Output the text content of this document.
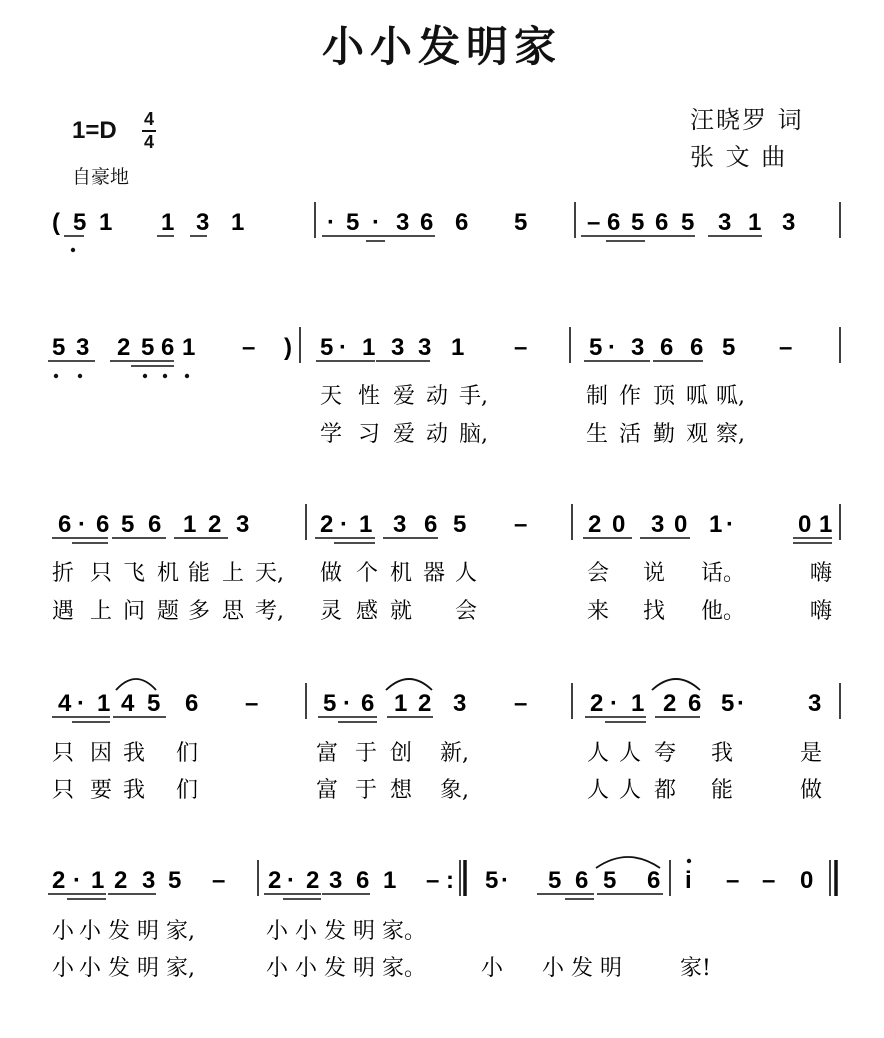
小小发明家
1=D 4
4
自豪地
汪晓罗 词
张 文 曲
( 5 1 1 3 1	· 5 · 3 6 6 5 – 6 5 6 5 3 1 3
5 3 2 5 6 1 –	5 · 1 3 3 1 –	5 · 3 6 6 5 –
)
天 性 爱 动 手,	制 作 顶 呱 呱,
学 习 爱 动 脑,	生 活 勤 观 察,
6 · 6 5 6 1 2 3	2 · 1 3 6 5 –	2 0 3 0 1 ·	0 1
折 只 飞 机 能 上 天, 做 个 机 器 人	会 说 话。	嗨
遇 上 问 题 多 思 考, 灵 感 就 会	来 找 他。	嗨
4 · 1 4 5 6 –	5 · 6 1 2 3 –	2 · 1 2 6 5 ·	3
只 因 我 们	富 于 创 新,	人 人 夸 我	是
只 要 我 们	富 于 想 象,	人 人 都 能	做
2 · 1 2 3 5 – 2 · 2 3 6 1 – 5 · 5 6 5 6 i – – 0
:
小 小 发 明 家,	小 小 发 明 家。
小 小 发 明 家,	小 小 发 明 家。 小 小 发 明	家!
